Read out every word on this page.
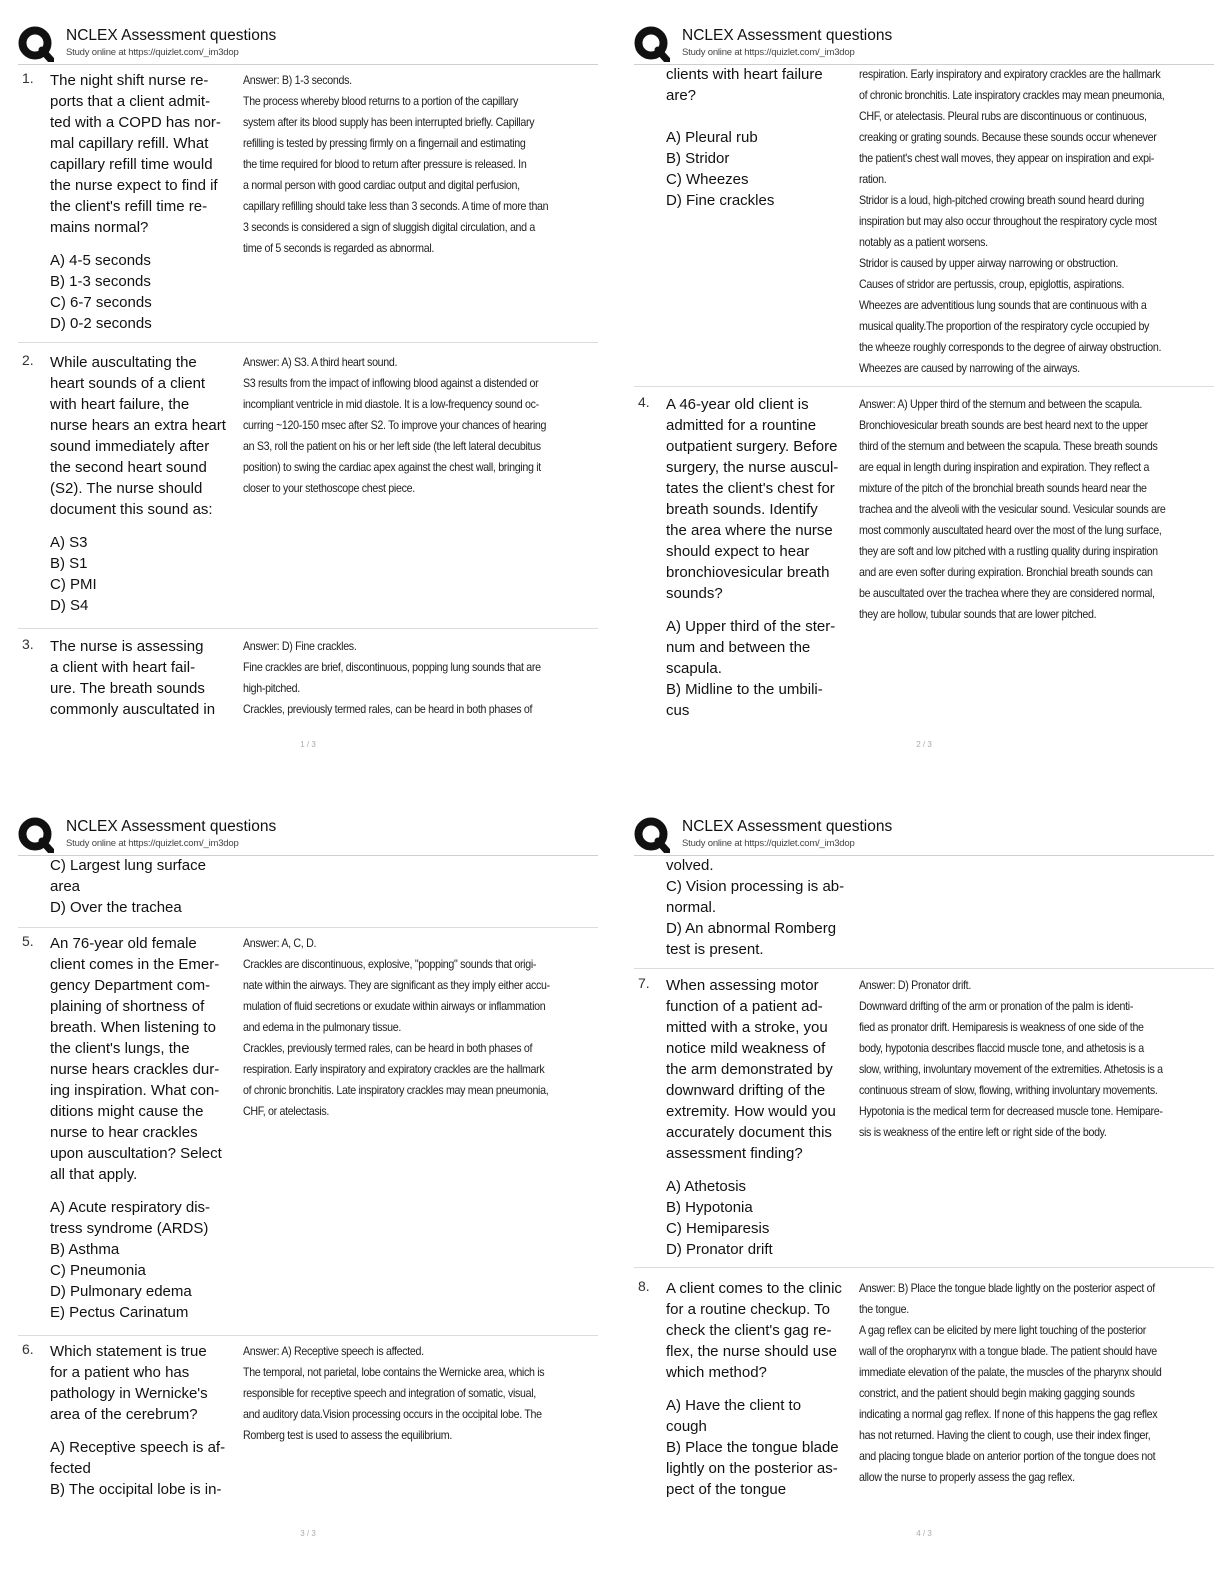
NCLEX Assessment questions
Study online at https://quizlet.com/_im3dop
1. The night shift nurse re-
ports that a client admit-
ted with a COPD has nor-
mal capillary refill. What
capillary refill time would
the nurse expect to find if
the client's refill time re-
mains normal?
A) 4-5 seconds
B) 1-3 seconds
C) 6-7 seconds
D) 0-2 seconds
Answer: B) 1-3 seconds.
The process whereby blood returns to a portion of the capillary
system after its blood supply has been interrupted briefly. Capillary
refilling is tested by pressing firmly on a fingernail and estimating
the time required for blood to return after pressure is released. In
a normal person with good cardiac output and digital perfusion,
capillary refilling should take less than 3 seconds. A time of more than
3 seconds is considered a sign of sluggish digital circulation, and a
time of 5 seconds is regarded as abnormal.
2. While auscultating the
heart sounds of a client
with heart failure, the
nurse hears an extra heart
sound immediately after
the second heart sound
(S2). The nurse should
document this sound as:
A) S3
B) S1
C) PMI
D) S4
Answer: A) S3. A third heart sound.
S3 results from the impact of inflowing blood against a distended or
incompliant ventricle in mid diastole. It is a low-frequency sound oc-
curring ~120-150 msec after S2. To improve your chances of hearing
an S3, roll the patient on his or her left side (the left lateral decubitus
position) to swing the cardiac apex against the chest wall, bringing it
closer to your stethoscope chest piece.
3. The nurse is assessing
a client with heart fail-
ure. The breath sounds
commonly auscultated in
Answer: D) Fine crackles.
Fine crackles are brief, discontinuous, popping lung sounds that are
high-pitched.
Crackles, previously termed rales, can be heard in both phases of
1 / 3
NCLEX Assessment questions
Study online at https://quizlet.com/_im3dop
clients with heart failure
are?

A) Pleural rub
B) Stridor
C) Wheezes
D) Fine crackles
respiration. Early inspiratory and expiratory crackles are the hallmark
of chronic bronchitis. Late inspiratory crackles may mean pneumonia,
CHF, or atelectasis. Pleural rubs are discontinuous or continuous,
creaking or grating sounds. Because these sounds occur whenever
the patient's chest wall moves, they appear on inspiration and expi-
ration.
Stridor is a loud, high-pitched crowing breath sound heard during
inspiration but may also occur throughout the respiratory cycle most
notably as a patient worsens.
Stridor is caused by upper airway narrowing or obstruction.
Causes of stridor are pertussis, croup, epiglottis, aspirations.
Wheezes are adventitious lung sounds that are continuous with a
musical quality.The proportion of the respiratory cycle occupied by
the wheeze roughly corresponds to the degree of airway obstruction.
Wheezes are caused by narrowing of the airways.
4. A 46-year old client is
admitted for a rountine
outpatient surgery. Before
surgery, the nurse auscul-
tates the client's chest for
breath sounds. Identify
the area where the nurse
should expect to hear
bronchiovesicular breath
sounds?
A) Upper third of the ster-
num and between the
scapula.
B) Midline to the umbili-
cus
Answer: A) Upper third of the sternum and between the scapula.
Bronchiovesicular breath sounds are best heard next to the upper
third of the sternum and between the scapula. These breath sounds
are equal in length during inspiration and expiration. They reflect a
mixture of the pitch of the bronchial breath sounds heard near the
trachea and the alveoli with the vesicular sound. Vesicular sounds are
most commonly auscultated heard over the most of the lung surface,
they are soft and low pitched with a rustling quality during inspiration
and are even softer during expiration. Bronchial breath sounds can
be auscultated over the trachea where they are considered normal,
they are hollow, tubular sounds that are lower pitched.
2 / 3
NCLEX Assessment questions
Study online at https://quizlet.com/_im3dop
C) Largest lung surface
area
D) Over the trachea
5. An 76-year old female
client comes in the Emer-
gency Department com-
plaining of shortness of
breath. When listening to
the client's lungs, the
nurse hears crackles dur-
ing inspiration. What con-
ditions might cause the
nurse to hear crackles
upon auscultation? Select
all that apply.
A) Acute respiratory dis-
tress syndrome (ARDS)
B) Asthma
C) Pneumonia
D) Pulmonary edema
E) Pectus Carinatum
Answer: A, C, D.
Crackles are discontinuous, explosive, "popping" sounds that origi-
nate within the airways. They are significant as they imply either accu-
mulation of fluid secretions or exudate within airways or inflammation
and edema in the pulmonary tissue.
Crackles, previously termed rales, can be heard in both phases of
respiration. Early inspiratory and expiratory crackles are the hallmark
of chronic bronchitis. Late inspiratory crackles may mean pneumonia,
CHF, or atelectasis.
6. Which statement is true
for a patient who has
pathology in Wernicke's
area of the cerebrum?
A) Receptive speech is af-
fected
B) The occipital lobe is in-
Answer: A) Receptive speech is affected.
The temporal, not parietal, lobe contains the Wernicke area, which is
responsible for receptive speech and integration of somatic, visual,
and auditory data.Vision processing occurs in the occipital lobe. The
Romberg test is used to assess the equilibrium.
3 / 3
NCLEX Assessment questions
Study online at https://quizlet.com/_im3dop
volved.
C) Vision processing is ab-
normal.
D) An abnormal Romberg
test is present.
7. When assessing motor
function of a patient ad-
mitted with a stroke, you
notice mild weakness of
the arm demonstrated by
downward drifting of the
extremity. How would you
accurately document this
assessment finding?
A) Athetosis
B) Hypotonia
C) Hemiparesis
D) Pronator drift
Answer: D) Pronator drift.
Downward drifting of the arm or pronation of the palm is identi-
fied as pronator drift. Hemiparesis is weakness of one side of the
body, hypotonia describes flaccid muscle tone, and athetosis is a
slow, writhing, involuntary movement of the extremities. Athetosis is a
continuous stream of slow, flowing, writhing involuntary movements.
Hypotonia is the medical term for decreased muscle tone. Hemipare-
sis is weakness of the entire left or right side of the body.
8. A client comes to the clinic
for a routine checkup. To
check the client's gag re-
flex, the nurse should use
which method?
A) Have the client to
cough
B) Place the tongue blade
lightly on the posterior as-
pect of the tongue
Answer: B) Place the tongue blade lightly on the posterior aspect of
the tongue.
A gag reflex can be elicited by mere light touching of the posterior
wall of the oropharynx with a tongue blade. The patient should have
immediate elevation of the palate, the muscles of the pharynx should
constrict, and the patient should begin making gagging sounds
indicating a normal gag reflex. If none of this happens the gag reflex
has not returned. Having the client to cough, use their index finger,
and placing tongue blade on anterior portion of the tongue does not
allow the nurse to properly assess the gag reflex.
4 / 3
